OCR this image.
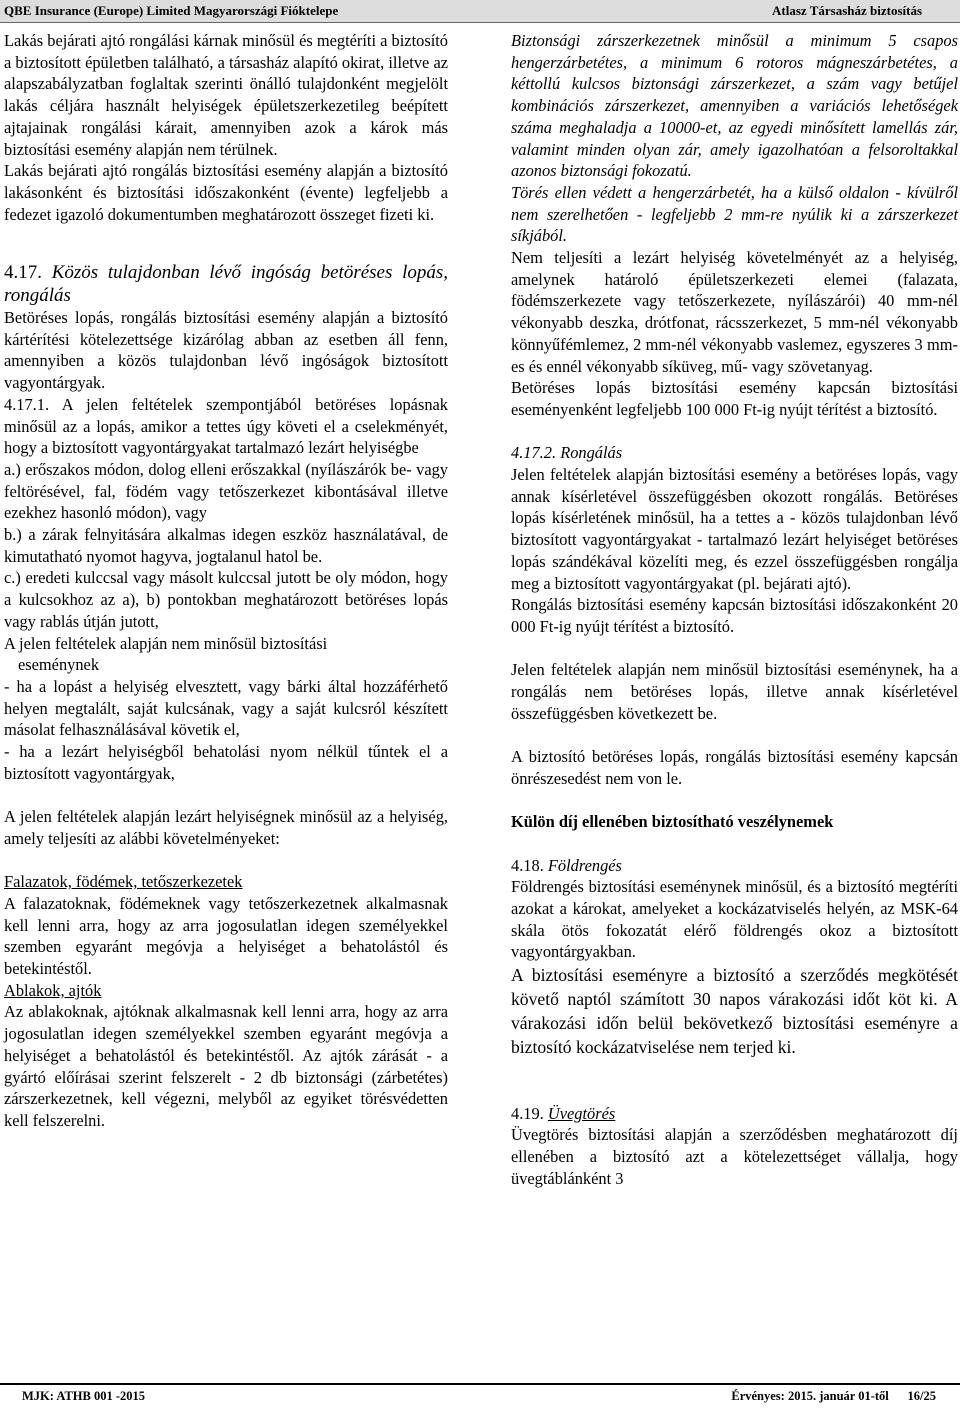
QBE Insurance (Europe) Limited Magyarországi Fióktelepe	Atlasz Társasház biztosítás

Lakás bejárati ajtó rongálási kárnak minősül és megtéríti a biztosító a biztosított épületben található, a társasház alapító okirat, illetve az alapszabályzatban foglaltak szerinti önálló tulajdonként megjelölt lakás céljára használt helyiségek épületszerkezetileg beépített ajtajainak rongálási kárait, amennyiben azok a károk más biztosítási esemény alapján nem térülnek.

Lakás bejárati ajtó rongálás biztosítási esemény alapján a biztosító lakásonként és biztosítási időszakonként (évente) legfeljebb a fedezet igazoló dokumentumben meghatározott összeget fizeti ki.

4.17. Közös tulajdonban lévő ingóság betöréses lopás, rongálás

Betöréses lopás, rongálás biztosítási esemény alapján a biztosító kártérítési kötelezettsége kizárólag abban az esetben áll fenn, amennyiben a közös tulajdonban lévő ingóságok biztosított vagyontárgyak.

4.17.1. A jelen feltételek szempontjából betöréses lopásnak minősül az a lopás, amikor a tettes úgy követi el a cselekményét, hogy a biztosított vagyontárgyakat tartalmazó lezárt helyiségbe

a.) erőszakos módon, dolog elleni erőszakkal (nyílászárók be- vagy feltörésével, fal, födém vagy tetőszerkezet kibontásával illetve ezekhez hasonló módon), vagy

b.) a zárak felnyitására alkalmas idegen eszköz használatával, de kimutatható nyomot hagyva, jogtalanul hatol be.

c.) eredeti kulccsal vagy másolt kulccsal jutott be oly módon, hogy a kulcsokhoz az a), b) pontokban meghatározott betöréses lopás vagy rablás útján jutott,

A jelen feltételek alapján nem minősül biztosítási

eseménynek

- ha a lopást a helyiség elvesztett, vagy bárki által hozzáférhető helyen megtalált, saját kulcsának, vagy a saját kulcsról készített másolat felhasználásával követik el,

- ha a lezárt helyiségből behatolási nyom nélkül tűntek el a biztosított vagyontárgyak,

A jelen feltételek alapján lezárt helyiségnek minősül az a helyiség, amely teljesíti az alábbi követelményeket:

Falazatok, födémek, tetőszerkezetek

A falazatoknak, födémeknek vagy tetőszerkezetnek alkalmasnak kell lenni arra, hogy az arra jogosulatlan idegen személyekkel szemben egyaránt megóvja a helyiséget a behatolástól és betekintéstől.

Ablakok, ajtók

Az ablakoknak, ajtóknak alkalmasnak kell lenni arra, hogy az arra jogosulatlan idegen személyekkel szemben egyaránt megóvja a helyiséget a behatolástól és betekintéstől. Az ajtók zárását - a gyártó előírásai szerint felszerelt - 2 db biztonsági (zárbetétes) zárszerkezetnek, kell végezni, melyből az egyiket törésvédetten kell felszerelni.

Biztonsági zárszerkezetnek minősül a minimum 5 csapos hengerzárbetétes, a minimum 6 rotoros mágneszárbetétes, a kéttollú kulcsos biztonsági zárszerkezet, a szám vagy betűjel kombinációs zárszerkezet, amennyiben a variációs lehetőségek száma meghaladja a 10000-et, az egyedi minősített lamellás zár, valamint minden olyan zár, amely igazolhatóan a felsoroltakkal azonos biztonsági fokozatú.

Törés ellen védett a hengerzárbetét, ha a külső oldalon - kívülről nem szerelhetően - legfeljebb 2 mm-re nyúlik ki a zárszerkezet síkjából.

Nem teljesíti a lezárt helyiség követelményét az a helyiség, amelynek határoló épületszerkezeti elemei (falazata, födémszerkezete vagy tetőszerkezete, nyílászárói) 40 mm-nél vékonyabb deszka, drótfonat, rácsszerkezet, 5 mm-nél vékonyabb könnyűfémlemez, 2 mm-nél vékonyabb vaslemez, egyszeres 3 mm-es és ennél vékonyabb síküveg, mű- vagy szövetanyag.

Betöréses lopás biztosítási esemény kapcsán biztosítási eseményenként legfeljebb 100 000 Ft-ig nyújt térítést a biztosító.

4.17.2. Rongálás

Jelen feltételek alapján biztosítási esemény a betöréses lopás, vagy annak kísérletével összefüggésben okozott rongálás. Betöréses lopás kísérletének minősül, ha a tettes a - közös tulajdonban lévő biztosított vagyontárgyakat - tartalmazó lezárt helyiséget betöréses lopás szándékával közelíti meg, és ezzel összefüggésben rongálja meg a biztosított vagyontárgyakat (pl. bejárati ajtó).

Rongálás biztosítási esemény kapcsán biztosítási időszakonként 20 000 Ft-ig nyújt térítést a biztosító.

Jelen feltételek alapján nem minősül biztosítási eseménynek, ha a rongálás nem betöréses lopás, illetve annak kísérletével összefüggésben következett be.

A biztosító betöréses lopás, rongálás biztosítási esemény kapcsán önrészesedést nem von le.

Külön díj ellenében biztosítható veszélynemek

4.18. Földrengés

Földrengés biztosítási eseménynek minősül, és a biztosító megtéríti azokat a károkat, amelyeket a kockázatviselés helyén, az MSK-64 skála ötös fokozatát elérő földrengés okoz a biztosított vagyontárgyakban.

A biztosítási eseményre a biztosító a szerződés megkötését követő naptól számított 30 napos várakozási időt köt ki. A várakozási időn belül bekövetkező biztosítási eseményre a biztosító kockázatviselése nem terjed ki.

4.19. Üvegtörés

Üvegtörés biztosítási alapján a szerződésben meghatározott díj ellenében a biztosító azt a kötelezettséget vállalja, hogy üvegtáblánként 3

MJK: ATHB 001 -2015	Érvényes: 2015. január 01-től      16/25
